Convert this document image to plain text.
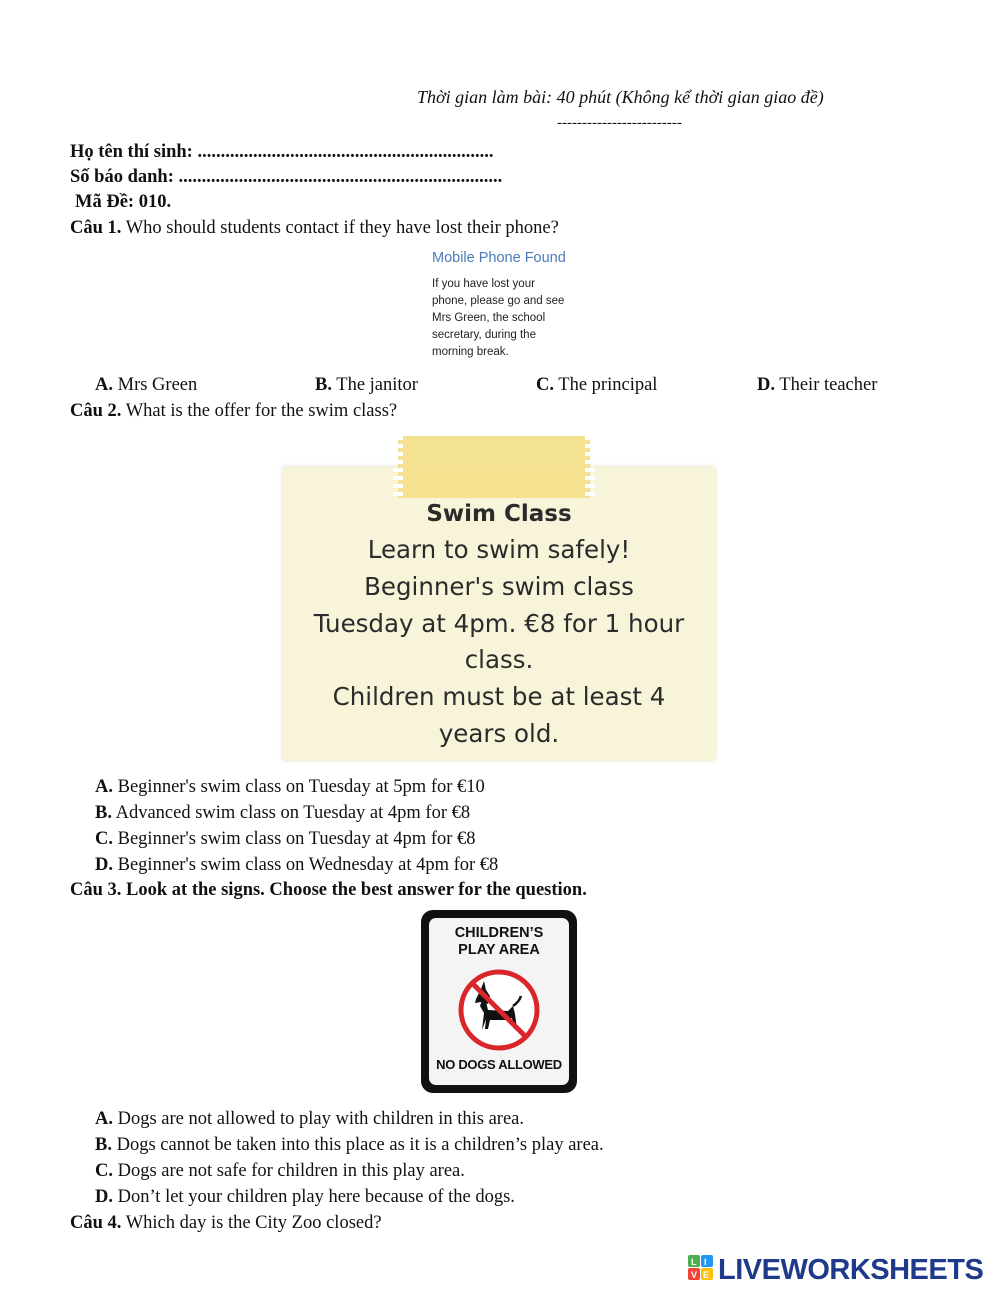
Thời gian làm bài: 40 phút (Không kể thời gian giao đề)
-------------------------
Họ tên thí sinh: ................................................................
Số báo danh: ......................................................................
Mã Đề: 010.
Câu 1. Who should students contact if they have lost their phone?
Mobile Phone Found
If you have lost your
phone, please go and see
Mrs Green, the school
secretary, during the
morning break.
A. Mrs Green	B. The janitor	C. The principal	D. Their teacher
Câu 2. What is the offer for the swim class?
Swim Class
Learn to swim safely!
Beginner's swim class
Tuesday at 4pm. €8 for 1 hour
class.
Children must be at least 4
years old.
A. Beginner's swim class on Tuesday at 5pm for €10
B. Advanced swim class on Tuesday at 4pm for €8
C. Beginner's swim class on Tuesday at 4pm for €8
D. Beginner's swim class on Wednesday at 4pm for €8
Câu 3. Look at the signs. Choose the best answer for the question.
CHILDREN’S
PLAY AREA
NO DOGS ALLOWED
A. Dogs are not allowed to play with children in this area.
B. Dogs cannot be taken into this place as it is a children’s play area.
C. Dogs are not safe for children in this play area.
D. Don’t let your children play here because of the dogs.
Câu 4. Which day is the City Zoo closed?
L I
V E LIVEWORKSHEETS
